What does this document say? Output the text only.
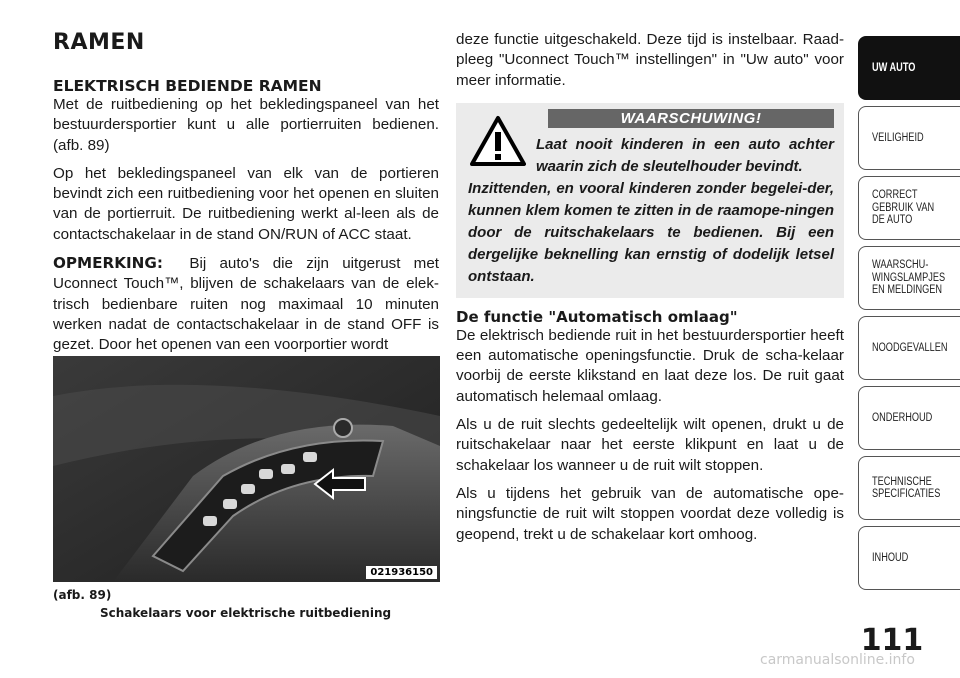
RAMEN
ELEKTRISCH BEDIENDE RAMEN

Met de ruitbediening op het bekledingspaneel van het bestuurdersportier kunt u alle portierruiten bedienen. (afb. 89)

Op het bekledingspaneel van elk van de portieren bevindt zich een ruitbediening voor het openen en sluiten van de portierruit. De ruitbediening werkt al-leen als de contactschakelaar in de stand ON/RUN of ACC staat.

OPMERKING: Bij auto's die zijn uitgerust met Uconnect Touch™, blijven de schakelaars van de elek-trisch bedienbare ruiten nog maximaal 10 minuten werken nadat de contactschakelaar in de stand OFF is gezet. Door het openen van een voorportier wordt

021936150
(afb. 89)
Schakelaars voor elektrische ruitbediening

deze functie uitgeschakeld. Deze tijd is instelbaar. Raad-pleeg "Uconnect Touch™ instellingen" in "Uw auto" voor meer informatie.

WAARSCHUWING!
Laat nooit kinderen in een auto achter waarin zich de sleutelhouder bevindt.
Inzittenden, en vooral kinderen zonder begelei-der, kunnen klem komen te zitten in de raamope-ningen door de ruitschakelaars te bedienen. Bij een dergelijke beknelling kan ernstig of dodelijk letsel ontstaan.
De functie "Automatisch omlaag"

De elektrisch bediende ruit in het bestuurdersportier heeft een automatische openingsfunctie. Druk de scha-kelaar voorbij de eerste klikstand en laat deze los. De ruit gaat automatisch helemaal omlaag.

Als u de ruit slechts gedeeltelijk wilt openen, drukt u de ruitschakelaar naar het eerste klikpunt en laat u de schakelaar los wanneer u de ruit wilt stoppen.

Als u tijdens het gebruik van de automatische ope-ningsfunctie de ruit wilt stoppen voordat deze volledig is geopend, trekt u de schakelaar kort omhoog.

UW AUTO
VEILIGHEID
CORRECT GEBRUIK VAN DE AUTO
WAARSCHU-WINGSLAMPJES EN MELDINGEN
NOODGEVALLEN
ONDERHOUD
TECHNISCHE SPECIFICATIES
INHOUD
111
carmanualsonline.info
